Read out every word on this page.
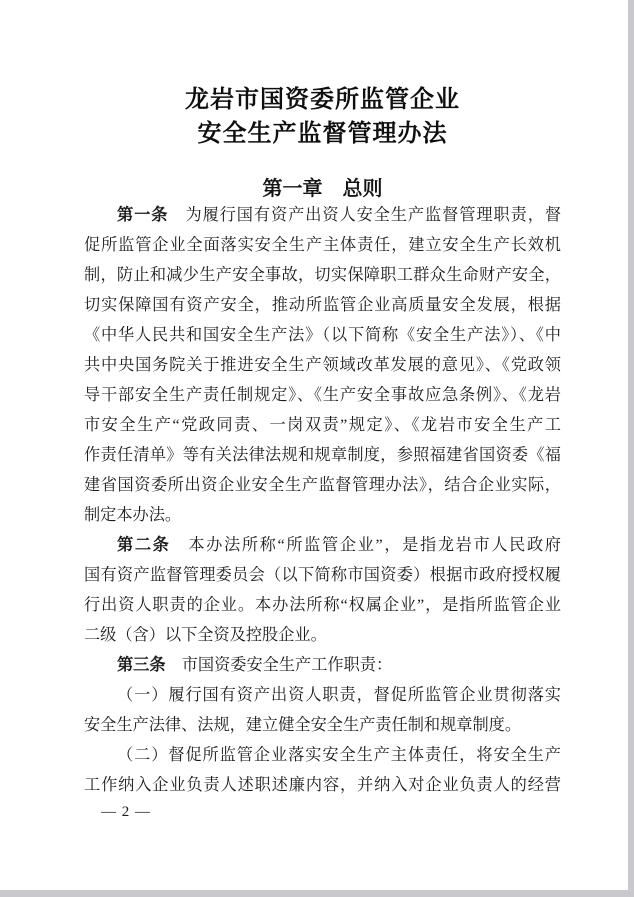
龙岩市国资委所监管企业
安全生产监督管理办法
第一章　总则
第一条　为履行国有资产出资人安全生产监督管理职责，督
促所监管企业全面落实安全生产主体责任，建立安全生产长效机
制，防止和减少生产安全事故，切实保障职工群众生命财产安全，
切实保障国有资产安全，推动所监管企业高质量安全发展，根据
《中华人民共和国安全生产法》（以下简称《安全生产法》）、《中
共中央国务院关于推进安全生产领域改革发展的意见》、《党政领
导干部安全生产责任制规定》、《生产安全事故应急条例》、《龙岩
市安全生产“党政同责、一岗双责”规定》、《龙岩市安全生产工
作责任清单》等有关法律法规和规章制度，参照福建省国资委《福
建省国资委所出资企业安全生产监督管理办法》，结合企业实际，
制定本办法。
第二条　本办法所称“所监管企业”，是指龙岩市人民政府
国有资产监督管理委员会（以下简称市国资委）根据市政府授权履
行出资人职责的企业。本办法所称“权属企业”，是指所监管企业
二级（含）以下全资及控股企业。
第三条　市国资委安全生产工作职责：
（一）履行国有资产出资人职责，督促所监管企业贯彻落实
安全生产法律、法规，建立健全安全生产责任制和规章制度。
（二）督促所监管企业落实安全生产主体责任，将安全生产
工作纳入企业负责人述职述廉内容，并纳入对企业负责人的经营
— 2 —
